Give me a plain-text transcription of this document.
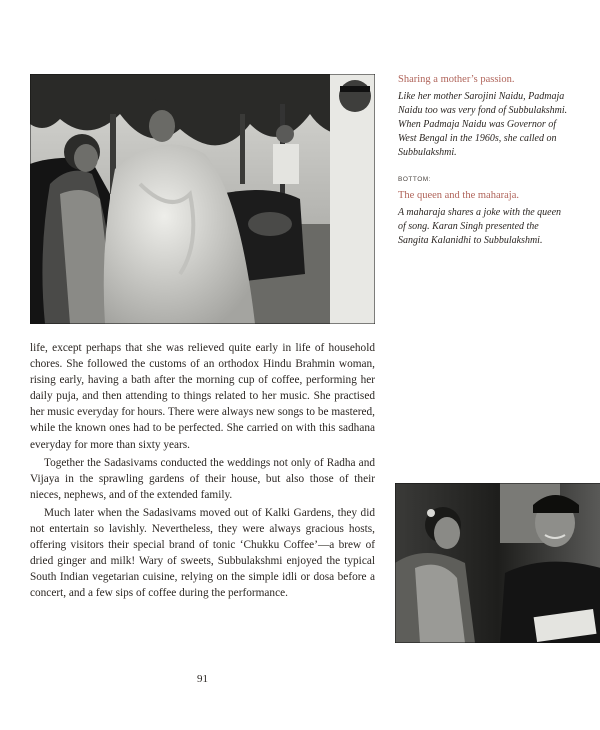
Sharing a mother’s passion.

Like her mother Sarojini Naidu, Padmaja Naidu too was very fond of Subbulakshmi. When Padmaja Naidu was Governor of West Bengal in the 1960s, she called on Subbulakshmi.

BOTTOM:

The queen and the maharaja.

A maharaja shares a joke with the queen of song. Karan Singh presented the Sangita Kalanidhi to Subbulakshmi.

life, except perhaps that she was relieved quite early in life of household chores. She followed the customs of an orthodox Hindu Brahmin woman, rising early, having a bath after the morning cup of coffee, performing her daily puja, and then attending to things related to her music. She practised her music everyday for hours. There were always new songs to be mastered, while the known ones had to be perfected. She carried on with this sadhana everyday for more than sixty years.

Together the Sadasivams conducted the weddings not only of Radha and Vijaya in the sprawling gardens of their house, but also those of their nieces, nephews, and of the extended family.

Much later when the Sadasivams moved out of Kalki Gardens, they did not entertain so lavishly. Nevertheless, they were always gracious hosts, offering visitors their special brand of tonic ‘Chukku Coffee’—a brew of dried ginger and milk! Wary of sweets, Subbulakshmi enjoyed the typical South Indian vegetarian cuisine, relying on the simple idli or dosa before a concert, and a few sips of coffee during the performance.

91
